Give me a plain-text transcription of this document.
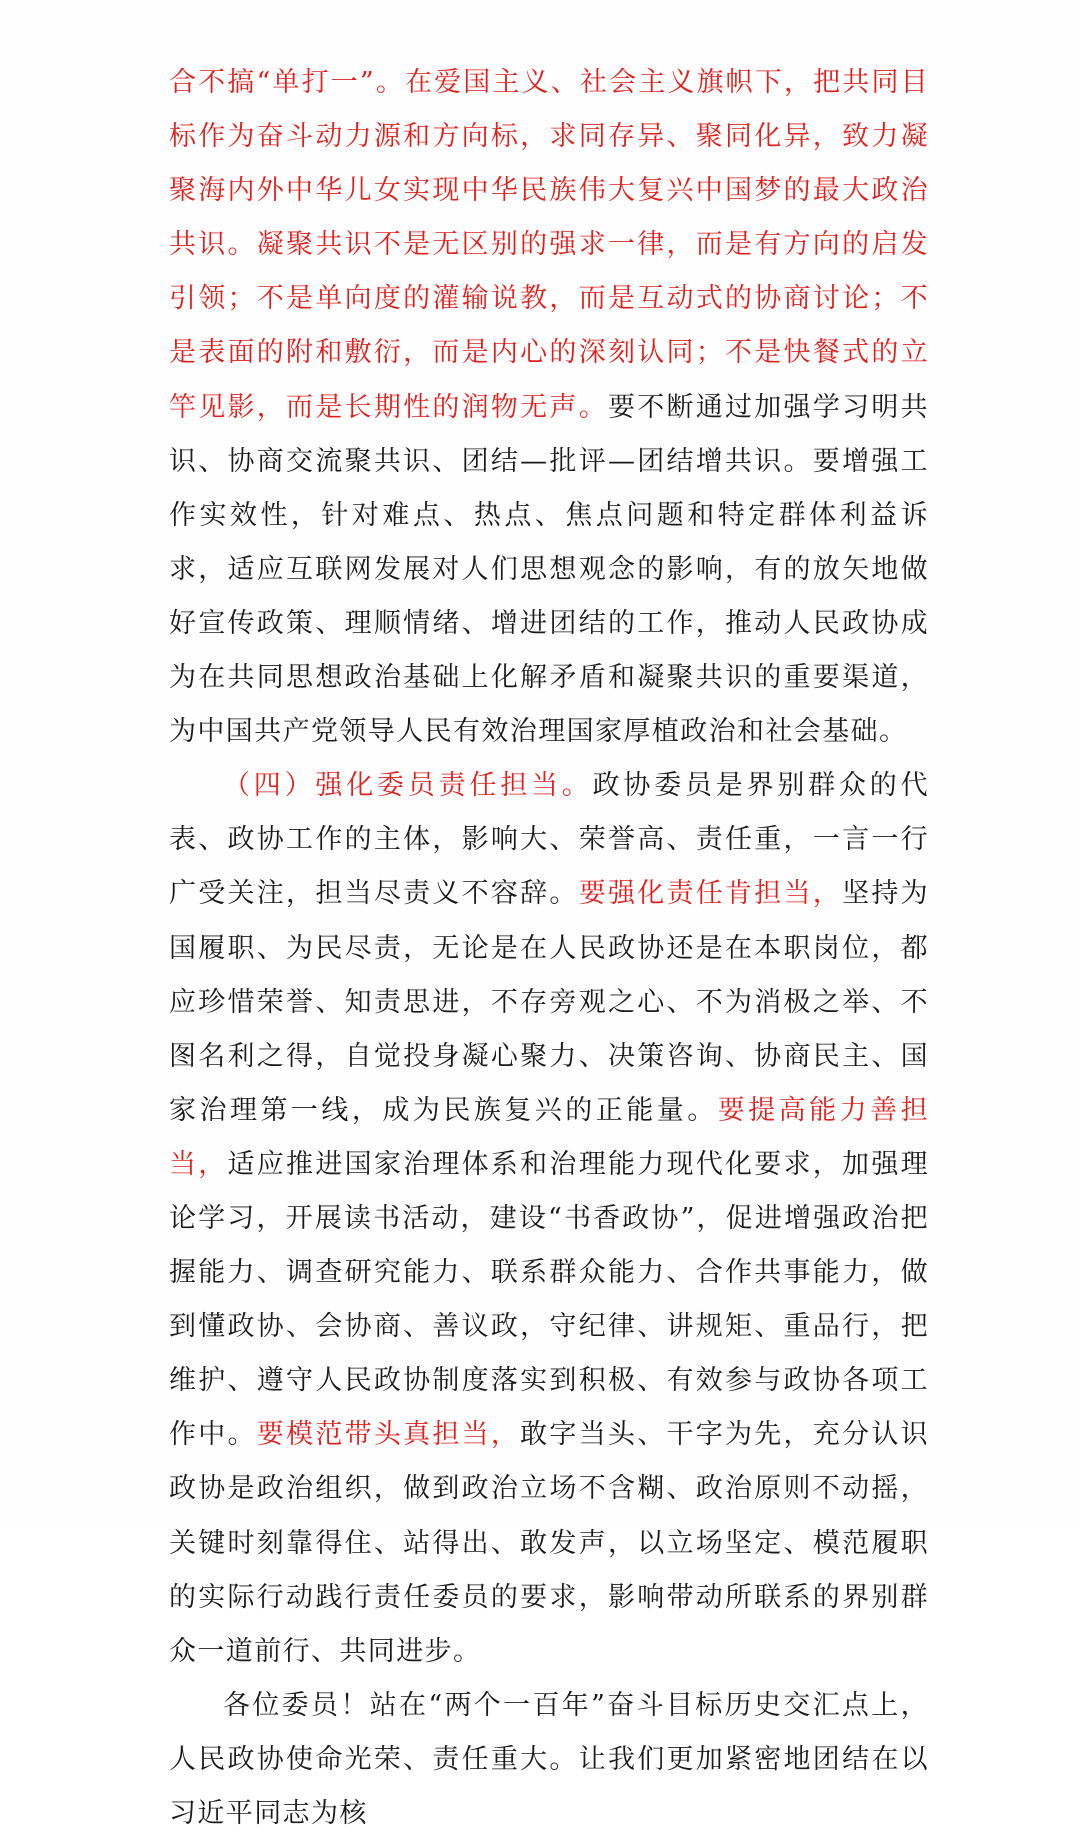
合不搞“单打一”。在爱国主义、社会主义旗帜下，把共同目标作为奋斗动力源和方向标，求同存异、聚同化异，致力凝聚海内外中华儿女实现中华民族伟大复兴中国梦的最大政治共识。凝聚共识不是无区别的强求一律，而是有方向的启发引领；不是单向度的灌输说教，而是互动式的协商讨论；不是表面的附和敷衍，而是内心的深刻认同；不是快餐式的立竿见影，而是长期性的润物无声。要不断通过加强学习明共识、协商交流聚共识、团结—批评—团结增共识。要增强工作实效性，针对难点、热点、焦点问题和特定群体利益诉求，适应互联网发展对人们思想观念的影响，有的放矢地做好宣传政策、理顺情绪、增进团结的工作，推动人民政协成为在共同思想政治基础上化解矛盾和凝聚共识的重要渠道，为中国共产党领导人民有效治理国家厚植政治和社会基础。

（四）强化委员责任担当。政协委员是界别群众的代表、政协工作的主体，影响大、荣誉高、责任重，一言一行广受关注，担当尽责义不容辞。要强化责任肯担当，坚持为国履职、为民尽责，无论是在人民政协还是在本职岗位，都应珍惜荣誉、知责思进，不存旁观之心、不为消极之举、不图名利之得，自觉投身凝心聚力、决策咨询、协商民主、国家治理第一线，成为民族复兴的正能量。要提高能力善担当，适应推进国家治理体系和治理能力现代化要求，加强理论学习，开展读书活动，建设“书香政协”，促进增强政治把握能力、调查研究能力、联系群众能力、合作共事能力，做到懂政协、会协商、善议政，守纪律、讲规矩、重品行，把维护、遵守人民政协制度落实到积极、有效参与政协各项工作中。要模范带头真担当，敢字当头、干字为先，充分认识政协是政治组织，做到政治立场不含糊、政治原则不动摇，关键时刻靠得住、站得出、敢发声，以立场坚定、模范履职的实际行动践行责任委员的要求，影响带动所联系的界别群众一道前行、共同进步。

各位委员！站在“两个一百年”奋斗目标历史交汇点上，人民政协使命光荣、责任重大。让我们更加紧密地团结在以习近平同志为核
